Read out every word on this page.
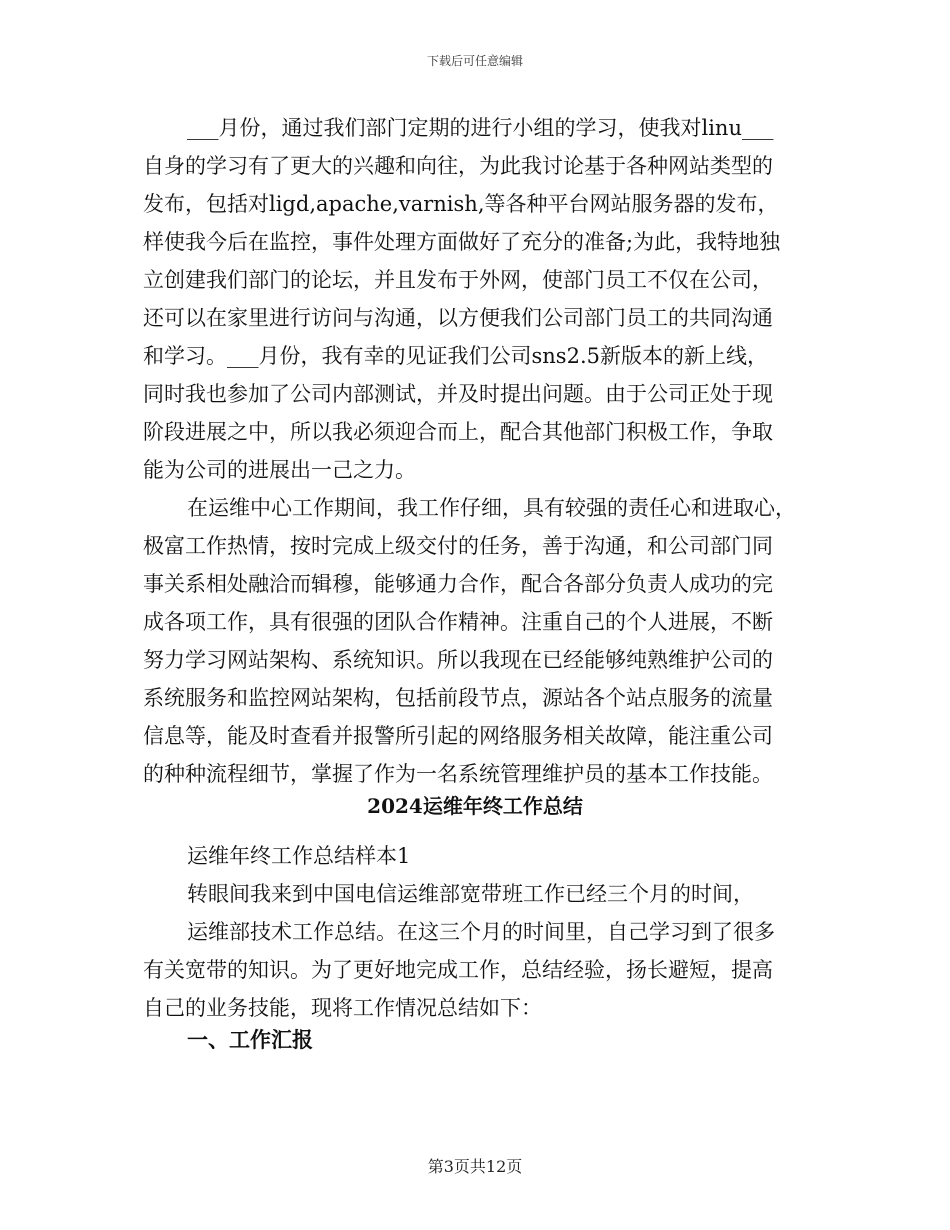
下载后可任意编辑
___月份，通过我们部门定期的进行小组的学习，使我对linu___
自身的学习有了更大的兴趣和向往，为此我讨论基于各种网站类型的
发布，包括对ligd,apache,varnish,等各种平台网站服务器的发布，
样使我今后在监控，事件处理方面做好了充分的准备;为此，我特地独
立创建我们部门的论坛，并且发布于外网，使部门员工不仅在公司，
还可以在家里进行访问与沟通，以方便我们公司部门员工的共同沟通
和学习。___月份，我有幸的见证我们公司sns2.5新版本的新上线，
同时我也参加了公司内部测试，并及时提出问题。由于公司正处于现
阶段进展之中，所以我必须迎合而上，配合其他部门积极工作，争取
能为公司的进展出一己之力。
在运维中心工作期间，我工作仔细，具有较强的责任心和进取心，
极富工作热情，按时完成上级交付的任务，善于沟通，和公司部门同
事关系相处融洽而辑穆，能够通力合作，配合各部分负责人成功的完
成各项工作，具有很强的团队合作精神。注重自己的个人进展，不断
努力学习网站架构、系统知识。所以我现在已经能够纯熟维护公司的
系统服务和监控网站架构，包括前段节点，源站各个站点服务的流量
信息等，能及时查看并报警所引起的网络服务相关故障，能注重公司
的种种流程细节，掌握了作为一名系统管理维护员的基本工作技能。
2024运维年终工作总结
运维年终工作总结样本1
转眼间我来到中国电信运维部宽带班工作已经三个月的时间，
运维部技术工作总结。在这三个月的时间里，自己学习到了很多
有关宽带的知识。为了更好地完成工作，总结经验，扬长避短，提高
自己的业务技能，现将工作情况总结如下：
一、工作汇报
第3页共12页
